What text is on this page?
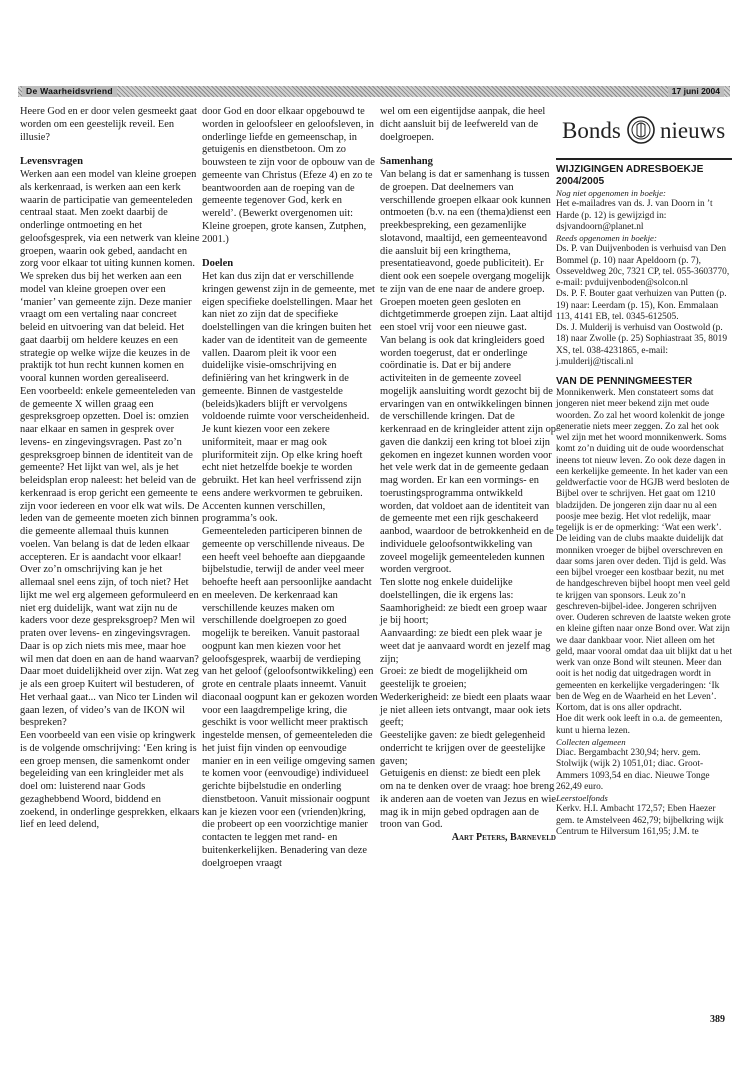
De Waarheidsvriend	17 juni 2004

Heere God en er door velen gesmeekt gaat worden om een geestelijk reveil. Een illusie?

Levensvragen

Werken aan een model van kleine groepen als kerkenraad, is werken aan een kerk waarin de participatie van gemeenteleden centraal staat. Men zoekt daarbij de onderlinge ontmoeting en het geloofsgesprek, via een netwerk van kleine groepen, waarin ook gebed, aandacht en zorg voor elkaar tot uiting kunnen komen. We spreken dus bij het werken aan een model van kleine groepen over een ‘manier’ van gemeente zijn. Deze manier vraagt om een vertaling naar concreet beleid en uitvoering van dat beleid. Het gaat daarbij om heldere keuzes en een strategie op welke wijze die keuzes in de praktijk tot hun recht kunnen komen en vooral kunnen worden gerealiseerd.

Een voorbeeld: enkele gemeenteleden van de gemeente X willen graag een gespreksgroep opzetten. Doel is: omzien naar elkaar en samen in gesprek over levens- en zingevingsvragen. Past zo’n gespreksgroep binnen de identiteit van de gemeente? Het lijkt van wel, als je het beleidsplan erop naleest: het beleid van de kerkenraad is erop gericht een gemeente te zijn voor iedereen en voor elk wat wils. De leden van de gemeente moeten zich binnen die gemeente allemaal thuis kunnen voelen. Van belang is dat de leden elkaar accepteren. Er is aandacht voor elkaar! Over zo’n omschrijving kan je het allemaal snel eens zijn, of toch niet? Het lijkt me wel erg algemeen geformuleerd en niet erg duidelijk, want wat zijn nu de kaders voor deze gespreksgroep? Men wil praten over levens- en zingevingsvragen. Daar is op zich niets mis mee, maar hoe wil men dat doen en aan de hand waarvan? Daar moet duidelijkheid over zijn. Wat zeg je als een groep Kuitert wil bestuderen, of Het verhaal gaat... van Nico ter Linden wil gaan lezen, of video’s van de IKON wil bespreken?

Een voorbeeld van een visie op kringwerk is de volgende omschrijving: ‘Een kring is een groep mensen, die samenkomt onder begeleiding van een kringleider met als doel om: luisterend naar Gods gezaghebbend Woord, biddend en zoekend, in onderlinge gesprekken, elkaars lief en leed delend,

door God en door elkaar opgebouwd te worden in geloofsleer en geloofsleven, in onderlinge liefde en gemeenschap, in getuigenis en dienstbetoon. Om zo bouwsteen te zijn voor de opbouw van de gemeente van Christus (Efeze 4) en zo te beantwoorden aan de roeping van de gemeente tegenover God, kerk en wereld’. (Bewerkt overgenomen uit: Kleine groepen, grote kansen, Zutphen, 2001.)

Doelen

Het kan dus zijn dat er verschillende kringen gewenst zijn in de gemeente, met eigen specifieke doelstellingen. Maar het kan niet zo zijn dat de specifieke doelstellingen van die kringen buiten het kader van de identiteit van de gemeente vallen. Daarom pleit ik voor een duidelijke visie-omschrijving en definiëring van het kringwerk in de gemeente. Binnen de vastgestelde (beleids)kaders blijft er vervolgens voldoende ruimte voor verscheidenheid. Je kunt kiezen voor een zekere uniformiteit, maar er mag ook pluriformiteit zijn. Op elke kring hoeft echt niet hetzelfde boekje te worden gebruikt. Het kan heel verfrissend zijn eens andere werkvormen te gebruiken. Accenten kunnen verschillen, programma’s ook.

Gemeenteleden participeren binnen de gemeente op verschillende niveaus. De een heeft veel behoefte aan diepgaande bijbelstudie, terwijl de ander veel meer behoefte heeft aan persoonlijke aandacht en meeleven. De kerkenraad kan verschillende keuzes maken om verschillende doelgroepen zo goed mogelijk te bereiken. Vanuit pastoraal oogpunt kan men kiezen voor het geloofsgesprek, waarbij de verdieping van het geloof (geloofsontwikkeling) een grote en centrale plaats inneemt. Vanuit diaconaal oogpunt kan er gekozen worden voor een laagdrempelige kring, die geschikt is voor wellicht meer praktisch ingestelde mensen, of gemeenteleden die het juist fijn vinden op eenvoudige manier en in een veilige omgeving samen te komen voor (eenvoudige) individueel gerichte bijbelstudie en onderling dienstbetoon. Vanuit missionair oogpunt kan je kiezen voor een (vrienden)kring, die probeert op een voorzichtige manier contacten te leggen met rand- en buitenkerkelijken. Benadering van deze doelgroepen vraagt

wel om een eigentijdse aanpak, die heel dicht aansluit bij de leefwereld van de doelgroepen.

Samenhang

Van belang is dat er samenhang is tussen de groepen. Dat deelnemers van verschillende groepen elkaar ook kunnen ontmoeten (b.v. na een (thema)dienst een preekbespreking, een gezamenlijke slotavond, maaltijd, een gemeenteavond die aansluit bij een kringthema, presentatieavond, goede publiciteit). Er dient ook een soepele overgang mogelijk te zijn van de ene naar de andere groep. Groepen moeten geen gesloten en dichtgetimmerde groepen zijn. Laat altijd een stoel vrij voor een nieuwe gast.

Van belang is ook dat kringleiders goed worden toegerust, dat er onderlinge coördinatie is. Dat er bij andere activiteiten in de gemeente zoveel mogelijk aansluiting wordt gezocht bij de ervaringen van en ontwikkelingen binnen de verschillende kringen. Dat de kerkenraad en de kringleider attent zijn op gaven die dankzij een kring tot bloei zijn gekomen en ingezet kunnen worden voor het vele werk dat in de gemeente gedaan mag worden. Er kan een vormings- en toerustingsprogramma ontwikkeld worden, dat voldoet aan de identiteit van de gemeente met een rijk geschakeerd aanbod, waardoor de betrokkenheid en de individuele geloofsontwikkeling van zoveel mogelijk gemeenteleden kunnen worden vergroot.

Ten slotte nog enkele duidelijke doelstellingen, die ik ergens las:

Saamhorigheid: ze biedt een groep waar je bij hoort;

Aanvaarding: ze biedt een plek waar je weet dat je aanvaard wordt en jezelf mag zijn;

Groei: ze biedt de mogelijkheid om geestelijk te groeien;

Wederkerigheid: ze biedt een plaats waar je niet alleen iets ontvangt, maar ook iets geeft;

Geestelijke gaven: ze biedt gelegenheid onderricht te krijgen over de geestelijke gaven;

Getuigenis en dienst: ze biedt een plek om na te denken over de vraag: hoe breng ik anderen aan de voeten van Jezus en wie mag ik in mijn gebed opdragen aan de troon van God.

Aart Peters, Barneveld

Bonds nieuws

WIJZIGINGEN ADRESBOEKJE 2004/2005

Nog niet opgenomen in boekje:

Het e-mailadres van ds. J. van Doorn in ’t Harde (p. 12) is gewijzigd in: dsjvandoorn@planet.nl

Reeds opgenomen in boekje:

Ds. P. van Duijvenboden is verhuisd van Den Bommel (p. 10) naar Apeldoorn (p. 7), Osseveldweg 20c, 7321 CP, tel. 055-3603770, e-mail: pvduijvenboden@solcon.nl

Ds. P. F. Bouter gaat verhuizen van Putten (p. 19) naar: Leerdam (p. 15), Kon. Emmalaan 113, 4141 EB, tel. 0345-612505.

Ds. J. Mulderij is verhuisd van Oostwold (p. 18) naar Zwolle (p. 25) Sophiastraat 35, 8019 XS, tel. 038-4231865, e-mail: j.mulderij@tiscali.nl

VAN DE PENNINGMEESTER

Monnikenwerk. Men constateert soms dat jongeren niet meer bekend zijn met oude woorden. Zo zal het woord kolenkit de jonge generatie niets meer zeggen. Zo zal het ook wel zijn met het woord monnikenwerk. Soms komt zo’n duiding uit de oude woordenschat ineens tot nieuw leven. Zo ook deze dagen in een kerkelijke gemeente. In het kader van een geldwerfactie voor de HGJB werd besloten de Bijbel over te schrijven. Het gaat om 1210 bladzijden. De jongeren zijn daar nu al een poosje mee bezig. Het vlot redelijk, maar tegelijk is er de opmerking: ‘Wat een werk’. De leiding van de clubs maakte duidelijk dat monniken vroeger de bijbel overschreven en daar soms jaren over deden. Tijd is geld. Was een bijbel vroeger een kostbaar bezit, nu met de handgeschreven bijbel hoopt men veel geld te krijgen van sponsors. Leuk zo’n geschreven-bijbel-idee. Jongeren schrijven over. Ouderen schreven de laatste weken grote en kleine giften naar onze Bond over. Wat zijn we daar dankbaar voor. Niet alleen om het geld, maar vooral omdat daa uit blijkt dat u het werk van onze Bond wilt steunen. Meer dan ooit is het nodig dat uitgedragen wordt in gemeenten en kerkelijke vergaderingen: ‘Ik ben de Weg en de Waarheid en het Leven’. Kortom, dat is ons aller opdracht.

Hoe dit werk ook leeft in o.a. de gemeenten, kunt u hierna lezen.

Collecten algemeen

Diac. Bergambacht 230,94; herv. gem. Stolwijk (wijk 2) 1051,01; diac. Groot-Ammers 1093,54 en diac. Nieuwe Tonge 262,49 euro.

Leerstoelfonds

Kerkv. H.I. Ambacht 172,57; Eben Haezer gem. te Amstelveen 462,79; bijbelkring wijk Centrum te Hilversum 161,95; J.M. te

389
